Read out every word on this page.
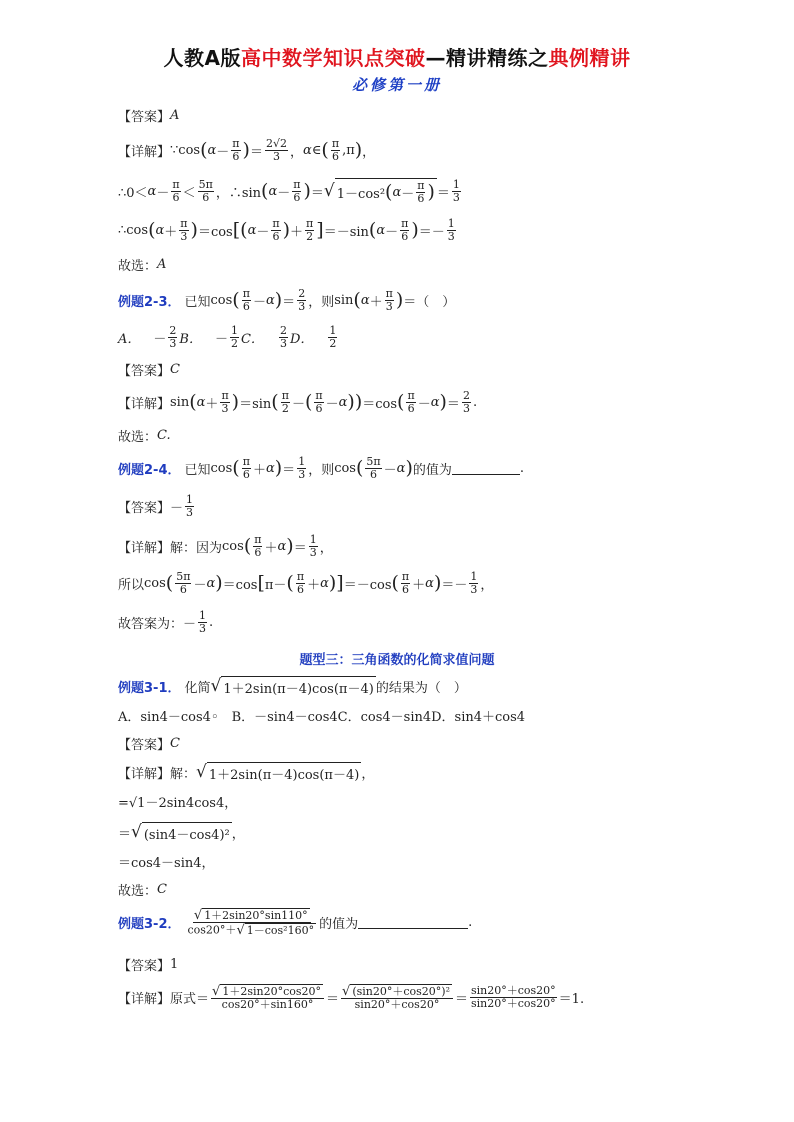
人教A版高中数学知识点突破—精讲精练之典例精讲
必修第一册
【答案】 A
【详解】 ∵cos ( $\alpha - \frac{\pi}{6}$ ) ＝ $\frac{2√2}{3}$ ， α ∈ ( $\frac{\pi}{6} ,\pi$ ) ，
∴0＜ $\alpha - \frac{\pi}{6} < \frac{5\pi}{6}$ ，∴sin ( $\alpha - \frac{\pi}{6}$ ) ＝ √ 1－cos² ( $\alpha - \frac{\pi}{6}$ ) ＝ $\frac{1}{3}$
∴cos ( $\alpha + \frac{\pi}{3}$ ) ＝cos [ ( $\alpha - \frac{\pi}{6}$ ) ＋ $\frac{\pi}{2}$ ] ＝－sin ( $\alpha - \frac{\pi}{6}$ ) ＝－ $\frac{1}{3}$
故选： A
例题2-3． 已知 cos ( $\frac{\pi}{6} - \alpha$ ) ＝ $\frac{2}{3}$ ，则 sin ( $\alpha + \frac{\pi}{3}$ ) ＝（　）
A． 　－ $\frac{2}{3}$ B． 　－ $\frac{1}{2}$ C．
　 $\frac{2}{3}$ D．
　 $\frac{1}{2}$
【答案】 C
【详解】 sin ( $\alpha + \frac{\pi}{3}$ ) ＝sin ( $\frac{\pi}{2}$ － ( $\frac{\pi}{6} - \alpha$ ) ) ＝cos ( $\frac{\pi}{6} - \alpha$ ) ＝ $\frac{2}{3}$ .
故选： C.
例题2-4． 已知 cos ( $\frac{\pi}{6} + \alpha$ ) ＝ $\frac{1}{3}$ ，则 cos ( $\frac{5\pi}{6} - \alpha$ ) 的值为	.
【答案】 － $\frac{1}{3}$
【详解】 解：因为 cos ( $\frac{\pi}{6} + \alpha$ ) ＝ $\frac{1}{3}$ ，
所以 cos ( $\frac{5\pi}{6} - \alpha$ ) ＝cos [ π－ ( $\frac{\pi}{6} + \alpha$ ) ] ＝－cos ( $\frac{\pi}{6} + \alpha$ ) ＝－ $\frac{1}{3}$ ，
故答案为： － $\frac{1}{3}$ .
题型三：三角函数的化简求值问题
例题3-1． 化简 √ 1＋2sin(π－4)cos(π－4) 的结果为（　）
A．sin4－cos4◦　B．－sin4－cos4C．cos4－sin4D．sin4＋cos4
【答案】 C
【详解】 解： √ 1＋2sin(π－4)cos(π－4) ，
=√1－2sin4cos4，
＝ √ (sin4－cos4)² ，
＝cos4－sin4，
故选： C
例题3-2． $\frac{√ 1+2\sin 20^\circ\sin 110^\circ}{\text{cos20°＋ √ 1－cos²160°}}$ 的值为	.
【答案】 1
【详解】 原式＝ $\frac{√ 1+2\sin 20^\circ\cos 20^\circ}{\cos 20^\circ+\sin 160^\circ} = \frac{\text{√ (sin20°＋cos20°)²}}{\sin 20^\circ+\cos 20^\circ} = \frac{\sin 20^\circ+\cos 20^\circ}{\sin 20^\circ+\cos 20^\circ} =1$.
